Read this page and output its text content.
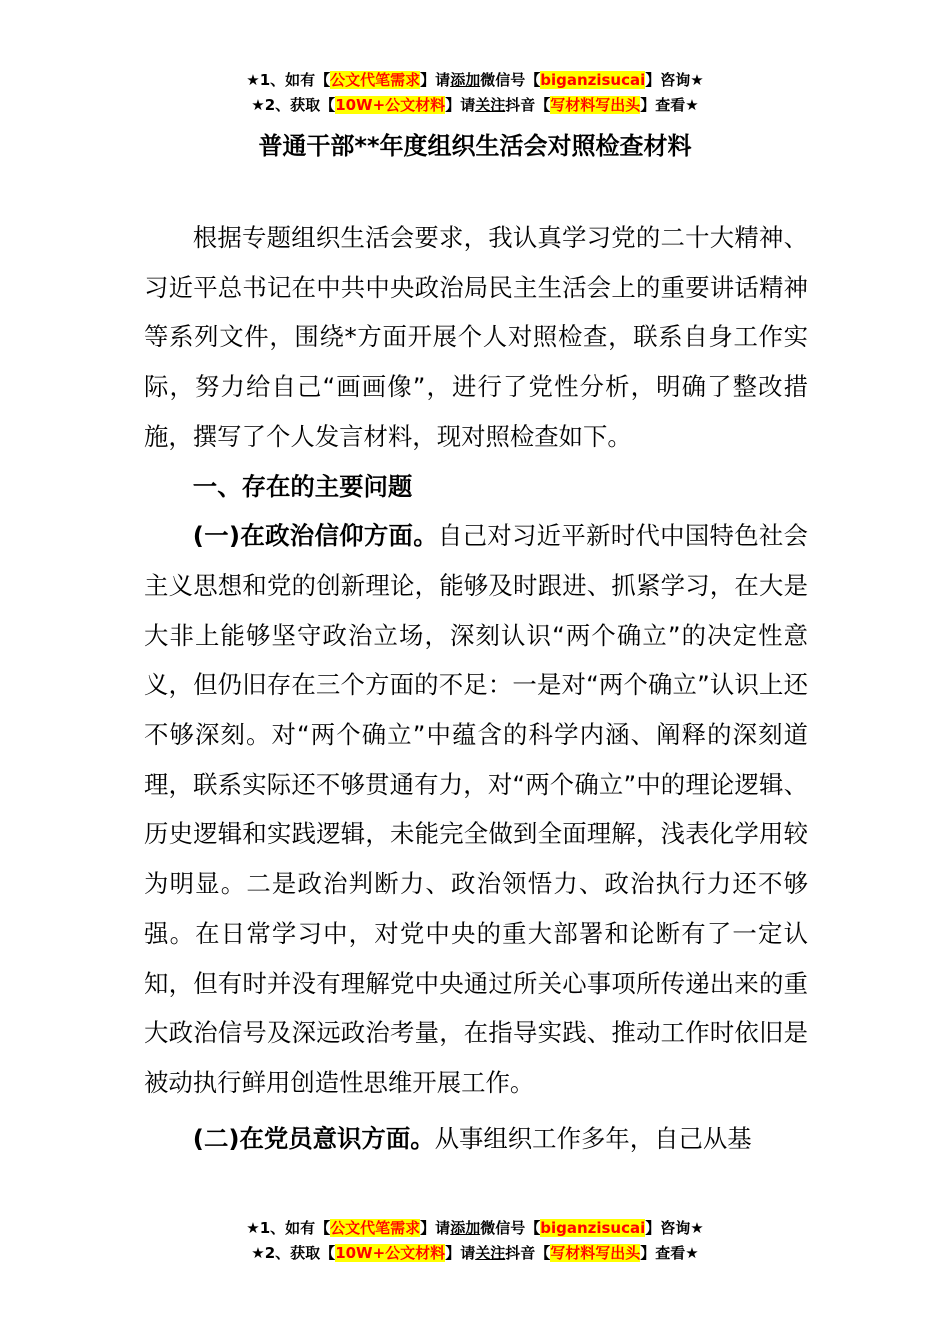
★1、如有【公文代笔需求】请添加微信号【biganzisucai】咨询★
★2、获取【10W+公文材料】请关注抖音【写材料写出头】查看★
普通干部**年度组织生活会对照检查材料

根据专题组织生活会要求，我认真学习党的二十大精神、习近平总书记在中共中央政治局民主生活会上的重要讲话精神等系列文件，围绕*方面开展个人对照检查，联系自身工作实际，努力给自己“画画像”，进行了党性分析，明确了整改措施，撰写了个人发言材料，现对照检查如下。

一、存在的主要问题

(一)在政治信仰方面。自己对习近平新时代中国特色社会主义思想和党的创新理论，能够及时跟进、抓紧学习，在大是大非上能够坚守政治立场，深刻认识“两个确立”的决定性意义，但仍旧存在三个方面的不足：一是对“两个确立”认识上还不够深刻。对“两个确立”中蕴含的科学内涵、阐释的深刻道理，联系实际还不够贯通有力，对“两个确立”中的理论逻辑、历史逻辑和实践逻辑，未能完全做到全面理解，浅表化学用较为明显。二是政治判断力、政治领悟力、政治执行力还不够强。在日常学习中，对党中央的重大部署和论断有了一定认知，但有时并没有理解党中央通过所关心事项所传递出来的重大政治信号及深远政治考量，在指导实践、推动工作时依旧是被动执行鲜用创造性思维开展工作。

(二)在党员意识方面。从事组织工作多年，自己从基

★1、如有【公文代笔需求】请添加微信号【biganzisucai】咨询★
★2、获取【10W+公文材料】请关注抖音【写材料写出头】查看★
